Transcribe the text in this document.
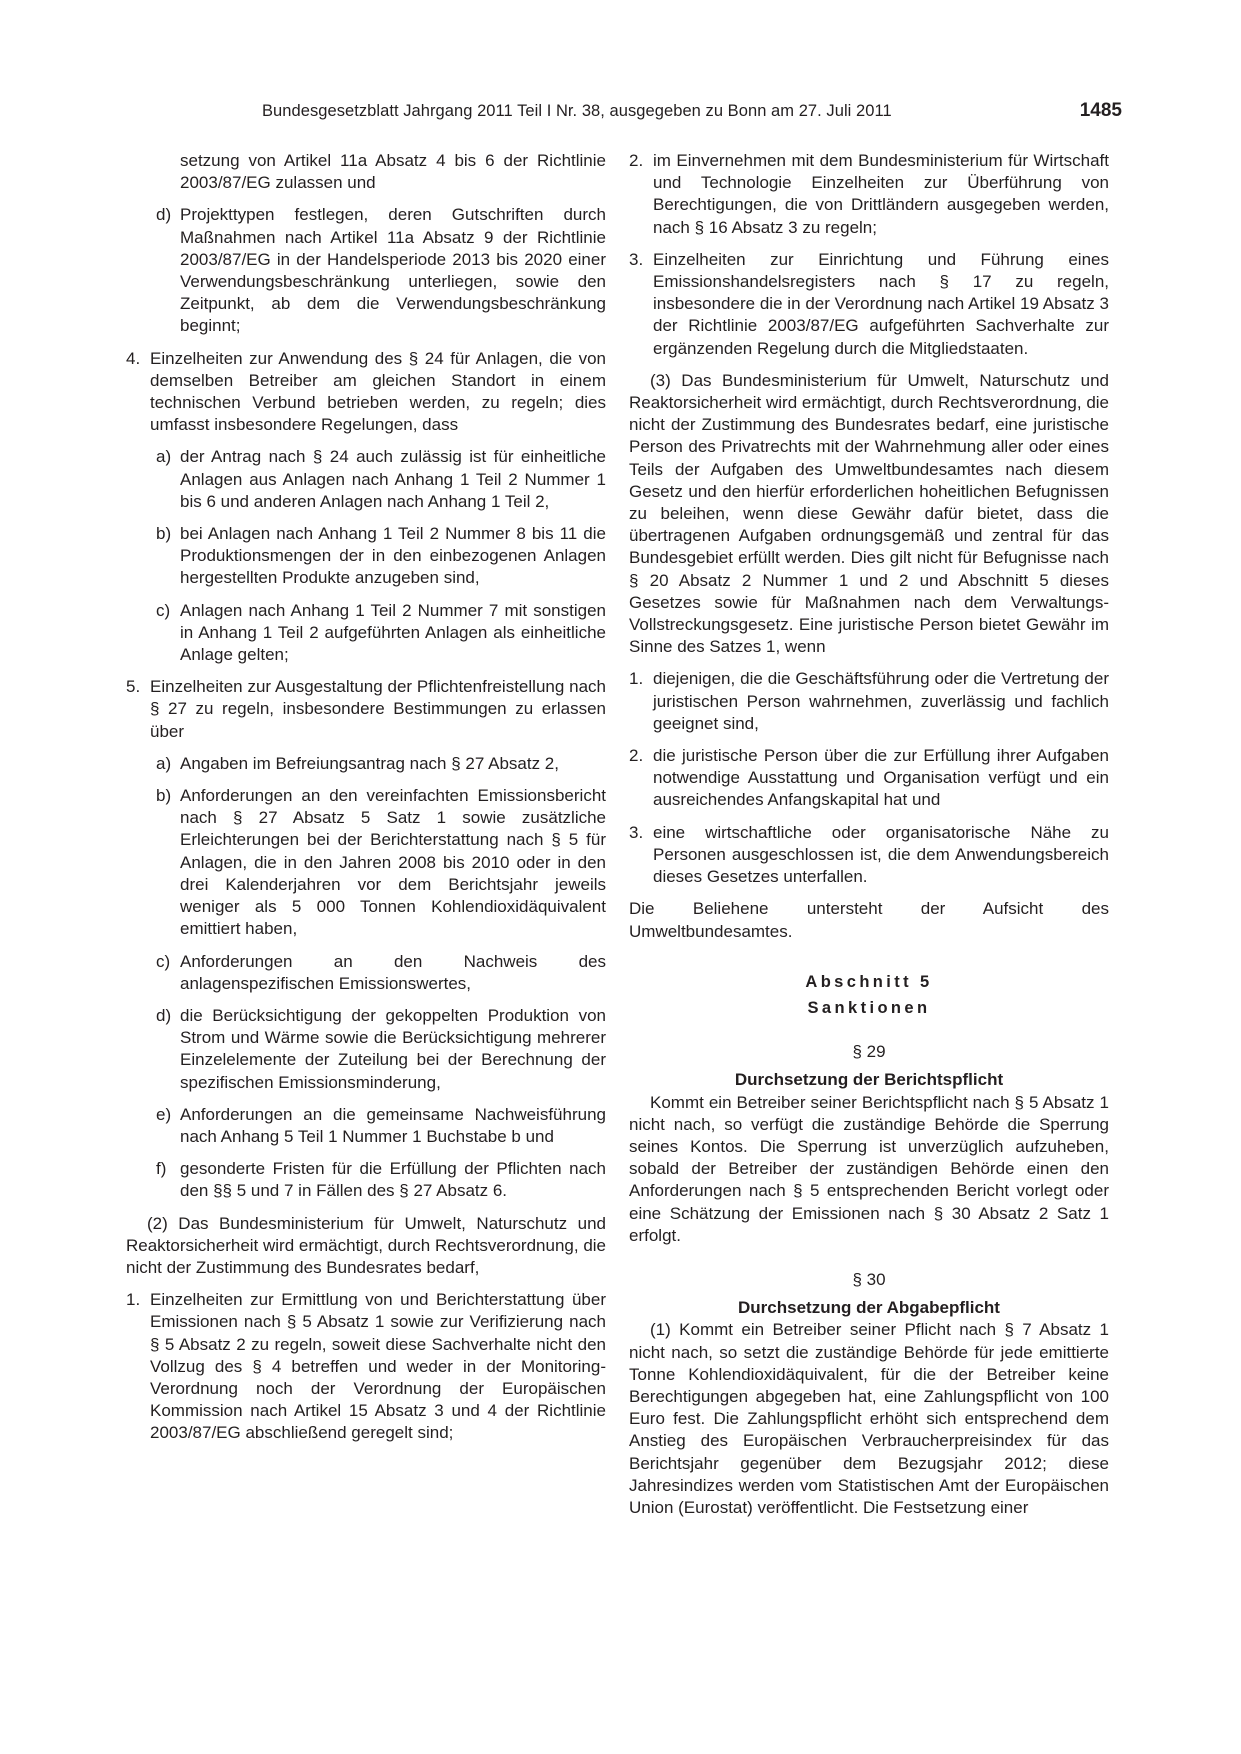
Bundesgesetzblatt Jahrgang 2011 Teil I Nr. 38, ausgegeben zu Bonn am 27. Juli 2011	1485

setzung von Artikel 11a Absatz 4 bis 6 der Richtlinie 2003/87/EG zulassen und

d) Projekttypen festlegen, deren Gutschriften durch Maßnahmen nach Artikel 11a Absatz 9 der Richtlinie 2003/87/EG in der Handelsperiode 2013 bis 2020 einer Verwendungsbeschränkung unterliegen, sowie den Zeitpunkt, ab dem die Verwendungsbeschränkung beginnt;
4. Einzelheiten zur Anwendung des § 24 für Anlagen, die von demselben Betreiber am gleichen Standort in einem technischen Verbund betrieben werden, zu regeln; dies umfasst insbesondere Regelungen, dass
a) der Antrag nach § 24 auch zulässig ist für einheitliche Anlagen aus Anlagen nach Anhang 1 Teil 2 Nummer 1 bis 6 und anderen Anlagen nach Anhang 1 Teil 2,
b) bei Anlagen nach Anhang 1 Teil 2 Nummer 8 bis 11 die Produktionsmengen der in den einbezogenen Anlagen hergestellten Produkte anzugeben sind,
c) Anlagen nach Anhang 1 Teil 2 Nummer 7 mit sonstigen in Anhang 1 Teil 2 aufgeführten Anlagen als einheitliche Anlage gelten;
5. Einzelheiten zur Ausgestaltung der Pflichtenfreistellung nach § 27 zu regeln, insbesondere Bestimmungen zu erlassen über
a) Angaben im Befreiungsantrag nach § 27 Absatz 2,
b) Anforderungen an den vereinfachten Emissionsbericht nach § 27 Absatz 5 Satz 1 sowie zusätzliche Erleichterungen bei der Berichterstattung nach § 5 für Anlagen, die in den Jahren 2008 bis 2010 oder in den drei Kalenderjahren vor dem Berichtsjahr jeweils weniger als 5 000 Tonnen Kohlendioxidäquivalent emittiert haben,
c) Anforderungen an den Nachweis des anlagenspezifischen Emissionswertes,
d) die Berücksichtigung der gekoppelten Produktion von Strom und Wärme sowie die Berücksichtigung mehrerer Einzelelemente der Zuteilung bei der Berechnung der spezifischen Emissionsminderung,
e) Anforderungen an die gemeinsame Nachweisführung nach Anhang 5 Teil 1 Nummer 1 Buchstabe b und
f) gesonderte Fristen für die Erfüllung der Pflichten nach den §§ 5 und 7 in Fällen des § 27 Absatz 6.

(2) Das Bundesministerium für Umwelt, Naturschutz und Reaktorsicherheit wird ermächtigt, durch Rechtsverordnung, die nicht der Zustimmung des Bundesrates bedarf,

1. Einzelheiten zur Ermittlung von und Berichterstattung über Emissionen nach § 5 Absatz 1 sowie zur Verifizierung nach § 5 Absatz 2 zu regeln, soweit diese Sachverhalte nicht den Vollzug des § 4 betreffen und weder in der Monitoring-Verordnung noch der Verordnung der Europäischen Kommission nach Artikel 15 Absatz 3 und 4 der Richtlinie 2003/87/EG abschließend geregelt sind;
2. im Einvernehmen mit dem Bundesministerium für Wirtschaft und Technologie Einzelheiten zur Überführung von Berechtigungen, die von Drittländern ausgegeben werden, nach § 16 Absatz 3 zu regeln;
3. Einzelheiten zur Einrichtung und Führung eines Emissionshandelsregisters nach § 17 zu regeln, insbesondere die in der Verordnung nach Artikel 19 Absatz 3 der Richtlinie 2003/87/EG aufgeführten Sachverhalte zur ergänzenden Regelung durch die Mitgliedstaaten.

(3) Das Bundesministerium für Umwelt, Naturschutz und Reaktorsicherheit wird ermächtigt, durch Rechtsverordnung, die nicht der Zustimmung des Bundesrates bedarf, eine juristische Person des Privatrechts mit der Wahrnehmung aller oder eines Teils der Aufgaben des Umweltbundesamtes nach diesem Gesetz und den hierfür erforderlichen hoheitlichen Befugnissen zu beleihen, wenn diese Gewähr dafür bietet, dass die übertragenen Aufgaben ordnungsgemäß und zentral für das Bundesgebiet erfüllt werden. Dies gilt nicht für Befugnisse nach § 20 Absatz 2 Nummer 1 und 2 und Abschnitt 5 dieses Gesetzes sowie für Maßnahmen nach dem Verwaltungs-Vollstreckungsgesetz. Eine juristische Person bietet Gewähr im Sinne des Satzes 1, wenn

1. diejenigen, die die Geschäftsführung oder die Vertretung der juristischen Person wahrnehmen, zuverlässig und fachlich geeignet sind,
2. die juristische Person über die zur Erfüllung ihrer Aufgaben notwendige Ausstattung und Organisation verfügt und ein ausreichendes Anfangskapital hat und
3. eine wirtschaftliche oder organisatorische Nähe zu Personen ausgeschlossen ist, die dem Anwendungsbereich dieses Gesetzes unterfallen.

Die Beliehene untersteht der Aufsicht des Umweltbundesamtes.

Abschnitt 5

Sanktionen

§ 29

Durchsetzung der Berichtspflicht

Kommt ein Betreiber seiner Berichtspflicht nach § 5 Absatz 1 nicht nach, so verfügt die zuständige Behörde die Sperrung seines Kontos. Die Sperrung ist unverzüglich aufzuheben, sobald der Betreiber der zuständigen Behörde einen den Anforderungen nach § 5 entsprechenden Bericht vorlegt oder eine Schätzung der Emissionen nach § 30 Absatz 2 Satz 1 erfolgt.

§ 30

Durchsetzung der Abgabepflicht

(1) Kommt ein Betreiber seiner Pflicht nach § 7 Absatz 1 nicht nach, so setzt die zuständige Behörde für jede emittierte Tonne Kohlendioxidäquivalent, für die der Betreiber keine Berechtigungen abgegeben hat, eine Zahlungspflicht von 100 Euro fest. Die Zahlungspflicht erhöht sich entsprechend dem Anstieg des Europäischen Verbraucherpreisindex für das Berichtsjahr gegenüber dem Bezugsjahr 2012; diese Jahresindizes werden vom Statistischen Amt der Europäischen Union (Eurostat) veröffentlicht. Die Festsetzung einer
